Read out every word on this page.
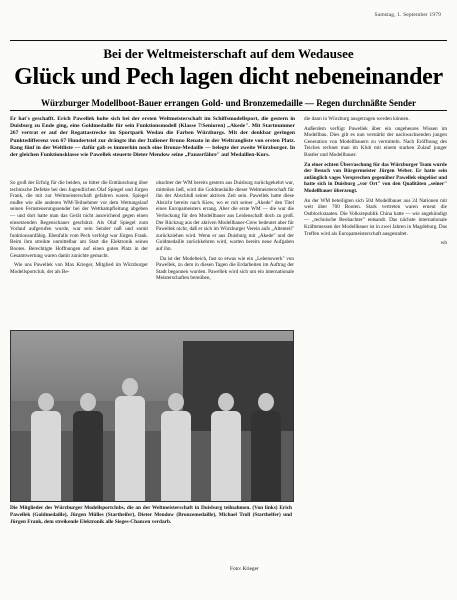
Samstag, 1. September 1979
Bei der Weltmeisterschaft auf dem Wedausee
Glück und Pech lagen dicht nebeneinander
Würzburger Modellboot-Bauer errangen Gold- und Bronzemedaille — Regen durchnäßte Sender

Er hat's geschafft. Erich Pawellek holte sich bei der ersten Weltmeisterschaft im Schiffsmodellsport, die gestern in Duisburg zu Ende ging, eine Goldmedaille für sein Funktionsmodell (Klasse 7/Senioren) „Akede". Mit Startnummer 267 vertrat er auf der Regattastrecke im Sportpark Wedau die Farben Würzburgs. Mit der denkbar geringen Punktedifferenz von 67 Hundertstel zur drängte ihn der Italiener Bruno Renato in der Weltrangliste von ersten Platz. Rang fünf in der Weltliste — dafür gab es immerhin noch eine Bronze-Medaille — belegte der zweite Würzburger. In der gleichen Funktionsklasse wie Pawellek steuerte Dieter Mendow seine „Panzerfähre" auf Medaillen-Kurs.

So groß der Erfolg für die beiden, so bitter die Enttäuschung über technische Defekte bei den Jugendlichen Olaf Spiegel und Jürgen Frank, die mit zur Weltmeisterschaft gefahren waren. Spiegel mußte wie alle anderen WM-Teilnehmer vor dem Wettungslauf seinen Fernsteuerungssender bei der Wettkampfleitung abgeben — und dort hatte man das Gerät nicht ausreichend gegen einen einsetzenden Regenschauer geschützt. Als Olaf Spiegel zum Vorlauf aufgerufen wurde, war sein Sender naß und somit funktionsunfähig. Ebenfalls vom Pech verfolgt war Jürgen Frank. Beim ihm streikte unmittelbar am Start die Elektronik seines Bootes. Berechtigte Hoffnungen auf einen guten Platz in der Gesamtwertung waren damit zunichte gemacht.

Wie uns Pawellek von Max Krieger, Mitglied im Würzburger Modellsportclub, der als Be-

obachter der WM bereits gestern aus Duisburg zurückgekehrt war, mitteilen ließ, wird die Goldmedaille dieser Weltmeisterschaft für ihn der Abschluß seiner aktiven Zeit sein. Pawellek hatte diese Absicht bereits nach Kiew, wo er mit seiner „Akede" den Titel eines Europameisters errang. Aber die erste WM — die war die Verlockung für den Modellbauer aus Leidenschaft doch zu groß. Der Rückzug aus der aktiven Modellbauer-Crew bedeutet aber für Pawellek nicht, daß er sich im Würzburger Verein aufs „Altenteil" zurückziehen wird. Wenn er aus Duisburg mit „Akede" und der Goldmedaille zurückkehren wird, warten bereits neue Aufgaben auf ihn.

Da ist der Modelteich, fast so etwas wie ein „Lebenswerk" von Pawellek, zu dem in diesen Tagen die Erdarbeiten im Auftrag der Stadt begonnen wurden. Pawellek wird sich um ein internationale Meisterschaften bemühen,

die dann in Würzburg ausgetragen werden können.

Außerdem verfügt Pawellek über ein ungeheures Wissen im Modellbau. Dies gilt es nun verstärkt der nachwachsenden jungen Generation von Modellbauern zu vermitteln. Nach Eröffnung des Teiches rechnet man im Klub mit einem starken Zulauf junger Bastler und Modellbauer.

Zu einer echten Überraschung für das Würzburger Team wurde der Besuch von Bürgermeister Jürgen Weber. Er hatte sein anfänglich vages Versprechen gegenüber Pawellek eingelöst und hatte sich in Duisburg „vor Ort" von den Qualitäten „seiner" Modellbauer überzeugt.

An der WM beteiligten sich 504 Modellbauer aus 24 Nationen mit weit über 700 Booten. Stark vertreten waren erneut die Ostblockstaaten. Die Volksrepublik China hatte — wie angekündigt — „technische Beobachter" entsandt. Das nächste internationale Kräftemessen der Modellbauer ist in zwei Jahren in Magdeburg. Das Treffen wird als Europameisterschaft ausgestaltet.

wb

Die Mitglieder des Würzburger Modellsportclubs, die an der Weltmeisterschaft in Duisburg teilnahmen. (Von links) Erich Pawellek (Goldmedaille), Jürgen Mülles (Startheifer), Dieter Mendow (Bronzemedaille), Michael Troll (Starthelfer) und Jürgen Frank, dem streikende Elektronik alle Sieges-Chancen verdarb.

Foto: Krieger
